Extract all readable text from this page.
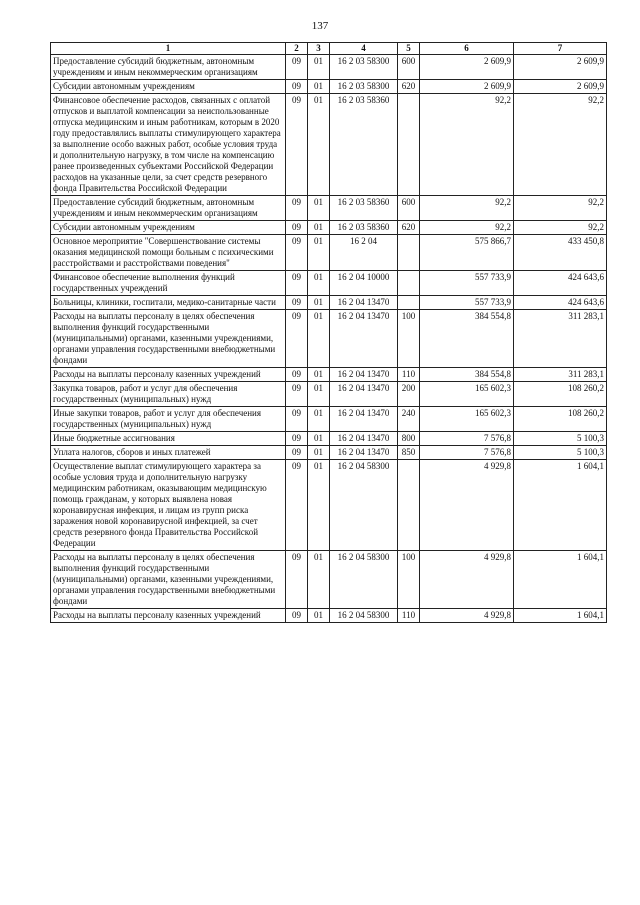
137
1	2	3	4	5	6	7
Предоставление субсидий бюджетным, автономным учреждениям и иным некоммерческим организациям	09	01	16 2 03 58300	600	2 609,9	2 609,9
Субсидии автономным учреждениям	09	01	16 2 03 58300	620	2 609,9	2 609,9
Финансовое обеспечение расходов, связанных с оплатой отпусков и выплатой компенсации за неиспользованные отпуска медицинским и иным работникам, которым в 2020 году предоставлялись выплаты стимулирующего характера за выполнение особо важных работ, особые условия труда и дополнительную нагрузку, в том числе на компенсацию ранее произведенных субъектами Российской Федерации расходов на указанные цели, за счет средств резервного фонда Правительства Российской Федерации	09	01	16 2 03 58360		92,2	92,2
Предоставление субсидий бюджетным, автономным учреждениям и иным некоммерческим организациям	09	01	16 2 03 58360	600	92,2	92,2
Субсидии автономным учреждениям	09	01	16 2 03 58360	620	92,2	92,2
Основное мероприятие "Совершенствование системы оказания медицинской помощи больным с психическими расстройствами и расстройствами поведения"	09	01	16 2 04		575 866,7	433 450,8
Финансовое обеспечение выполнения функций государственных учреждений	09	01	16 2 04 10000		557 733,9	424 643,6
Больницы, клиники, госпитали, медико-санитарные части	09	01	16 2 04 13470		557 733,9	424 643,6
Расходы на выплаты персоналу в целях обеспечения выполнения функций государственными (муниципальными) органами, казенными учреждениями, органами управления государственными внебюджетными фондами	09	01	16 2 04 13470	100	384 554,8	311 283,1
Расходы на выплаты персоналу казенных учреждений	09	01	16 2 04 13470	110	384 554,8	311 283,1
Закупка товаров, работ и услуг для обеспечения государственных (муниципальных) нужд	09	01	16 2 04 13470	200	165 602,3	108 260,2
Иные закупки товаров, работ и услуг для обеспечения государственных (муниципальных) нужд	09	01	16 2 04 13470	240	165 602,3	108 260,2
Иные бюджетные ассигнования	09	01	16 2 04 13470	800	7 576,8	5 100,3
Уплата налогов, сборов и иных платежей	09	01	16 2 04 13470	850	7 576,8	5 100,3
Осуществление выплат стимулирующего характера за особые условия труда и дополнительную нагрузку медицинским работникам, оказывающим медицинскую помощь гражданам, у которых выявлена новая коронавирусная инфекция, и лицам из групп риска заражения новой коронавирусной инфекцией, за счет средств резервного фонда Правительства Российской Федерации	09	01	16 2 04 58300		4 929,8	1 604,1
Расходы на выплаты персоналу в целях обеспечения выполнения функций государственными (муниципальными) органами, казенными учреждениями, органами управления государственными внебюджетными фондами	09	01	16 2 04 58300	100	4 929,8	1 604,1
Расходы на выплаты персоналу казенных учреждений	09	01	16 2 04 58300	110	4 929,8	1 604,1
